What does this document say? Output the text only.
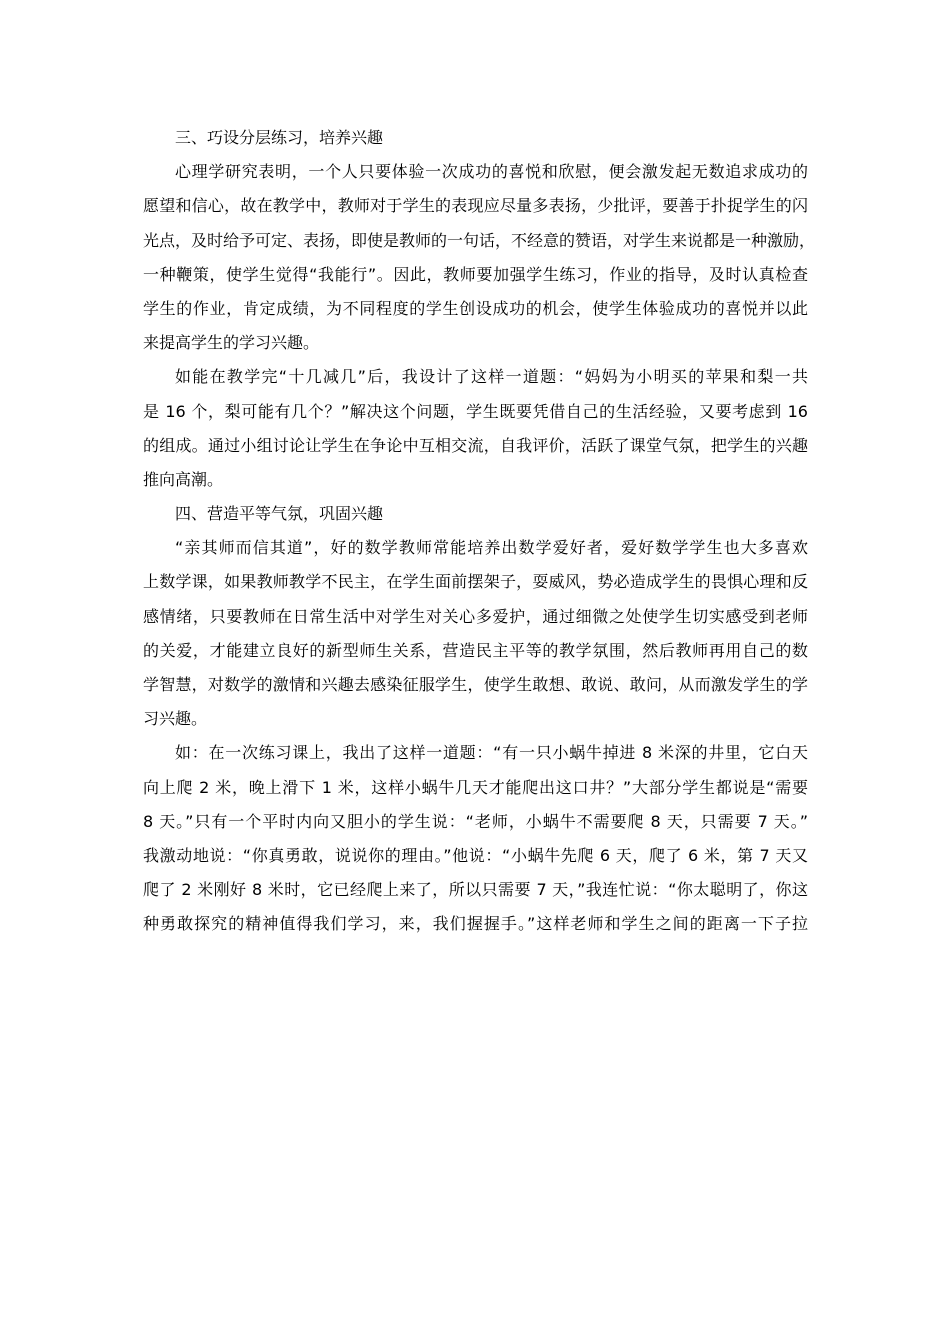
三、巧设分层练习，培养兴趣
心理学研究表明，一个人只要体验一次成功的喜悦和欣慰，便会激发起无数追求成功的
愿望和信心，故在教学中，教师对于学生的表现应尽量多表扬，少批评，要善于扑捉学生的闪
光点，及时给予可定、表扬，即使是教师的一句话，不经意的赞语，对学生来说都是一种激励，
一种鞭策，使学生觉得“我能行”。因此，教师要加强学生练习，作业的指导，及时认真检查
学生的作业，肯定成绩，为不同程度的学生创设成功的机会，使学生体验成功的喜悦并以此
来提高学生的学习兴趣。
如能在教学完“十几减几”后，我设计了这样一道题：“妈妈为小明买的苹果和梨一共
是 16 个，梨可能有几个？”解决这个问题，学生既要凭借自己的生活经验，又要考虑到 16
的组成。通过小组讨论让学生在争论中互相交流，自我评价，活跃了课堂气氛，把学生的兴趣
推向高潮。
四、营造平等气氛，巩固兴趣
“亲其师而信其道”，好的数学教师常能培养出数学爱好者，爱好数学学生也大多喜欢
上数学课，如果教师教学不民主，在学生面前摆架子，耍威风，势必造成学生的畏惧心理和反
感情绪，只要教师在日常生活中对学生对关心多爱护，通过细微之处使学生切实感受到老师
的关爱，才能建立良好的新型师生关系，营造民主平等的教学氛围，然后教师再用自己的数
学智慧，对数学的激情和兴趣去感染征服学生，使学生敢想、敢说、敢问，从而激发学生的学
习兴趣。
如：在一次练习课上，我出了这样一道题：“有一只小蜗牛掉进 8 米深的井里，它白天
向上爬 2 米，晚上滑下 1 米，这样小蜗牛几天才能爬出这口井？”大部分学生都说是“需要
8 天。”只有一个平时内向又胆小的学生说：“老师，小蜗牛不需要爬 8 天，只需要 7 天。”
我激动地说：“你真勇敢，说说你的理由。”他说：“小蜗牛先爬 6 天，爬了 6 米，第 7 天又
爬了 2 米刚好 8 米时，它已经爬上来了，所以只需要 7 天，”我连忙说：“你太聪明了，你这
种勇敢探究的精神值得我们学习，来，我们握握手。”这样老师和学生之间的距离一下子拉
